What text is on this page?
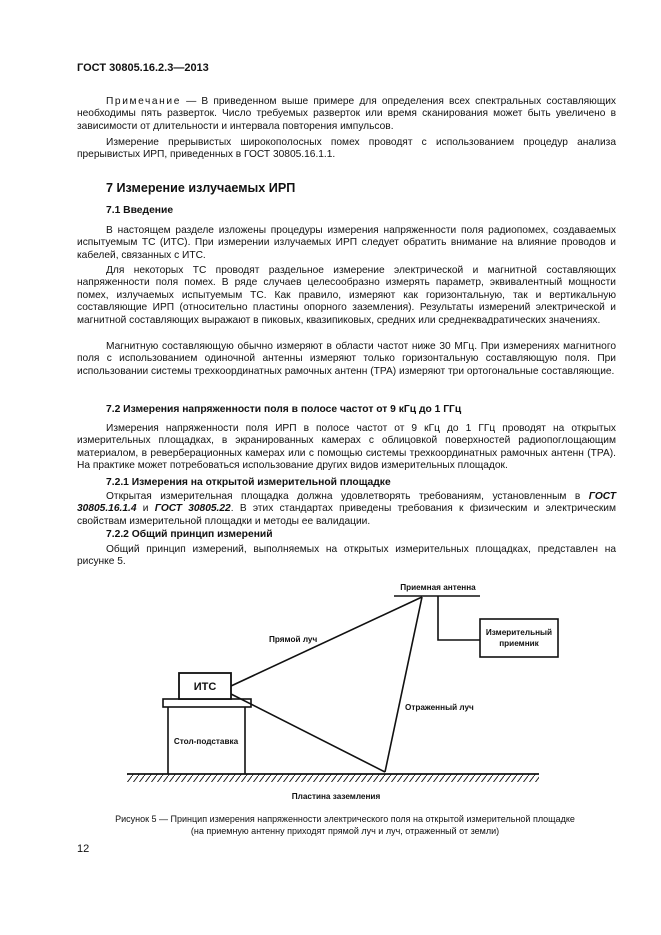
ГОСТ 30805.16.2.3—2013
Примечание — В приведенном выше примере для определения всех спектральных составляющих необходимы пять разверток. Число требуемых разверток или время сканирования может быть увеличено в зависимости от длительности и интервала повторения импульсов.
Измерение прерывистых широкополосных помех проводят с использованием процедур анализа прерывистых ИРП, приведенных в ГОСТ 30805.16.1.1.
7 Измерение излучаемых ИРП
7.1 Введение
В настоящем разделе изложены процедуры измерения напряженности поля радиопомех, создаваемых испытуемым ТС (ИТС). При измерении излучаемых ИРП следует обратить внимание на влияние проводов и кабелей, связанных с ИТС.
Для некоторых ТС проводят раздельное измерение электрической и магнитной составляющих напряженности поля помех. В ряде случаев целесообразно измерять параметр, эквивалентный мощности помех, излучаемых испытуемым ТС. Как правило, измеряют как горизонтальную, так и вертикальную составляющие ИРП (относительно пластины опорного заземления). Результаты измерений электрической и магнитной составляющих выражают в пиковых, квазипиковых, средних или среднеквадратических значениях.
Магнитную составляющую обычно измеряют в области частот ниже 30 МГц. При измерениях магнитного поля с использованием одиночной антенны измеряют только горизонтальную составляющую поля. При использовании системы трехкоординатных рамочных антенн (ТРА) измеряют три ортогональные составляющие.
7.2 Измерения напряженности поля в полосе частот от 9 кГц до 1 ГГц
Измерения напряженности поля ИРП в полосе частот от 9 кГц до 1 ГГц проводят на открытых измерительных площадках, в экранированных камерах с облицовкой поверхностей радиопоглощающим материалом, в реверберационных камерах или с помощью системы трехкоординатных рамочных антенн (ТРА). На практике может потребоваться использование других видов измерительных площадок.
7.2.1 Измерения на открытой измерительной площадке
Открытая измерительная площадка должна удовлетворять требованиям, установленным в ГОСТ 30805.16.1.4 и ГОСТ 30805.22. В этих стандартах приведены требования к физическим и электрическим свойствам измерительной площадки и методы ее валидации.
7.2.2 Общий принцип измерений
Общий принцип измерений, выполняемых на открытых измерительных площадках, представлен на рисунке 5.
Приемная антенна
Измерительный
приемник
Прямой луч
Отраженный луч
ИТС
Стол-подставка
Пластина заземления
Рисунок 5 — Принцип измерения напряженности электрического поля на открытой измерительной площадке
(на приемную антенну приходят прямой луч и луч, отраженный от земли)
12
